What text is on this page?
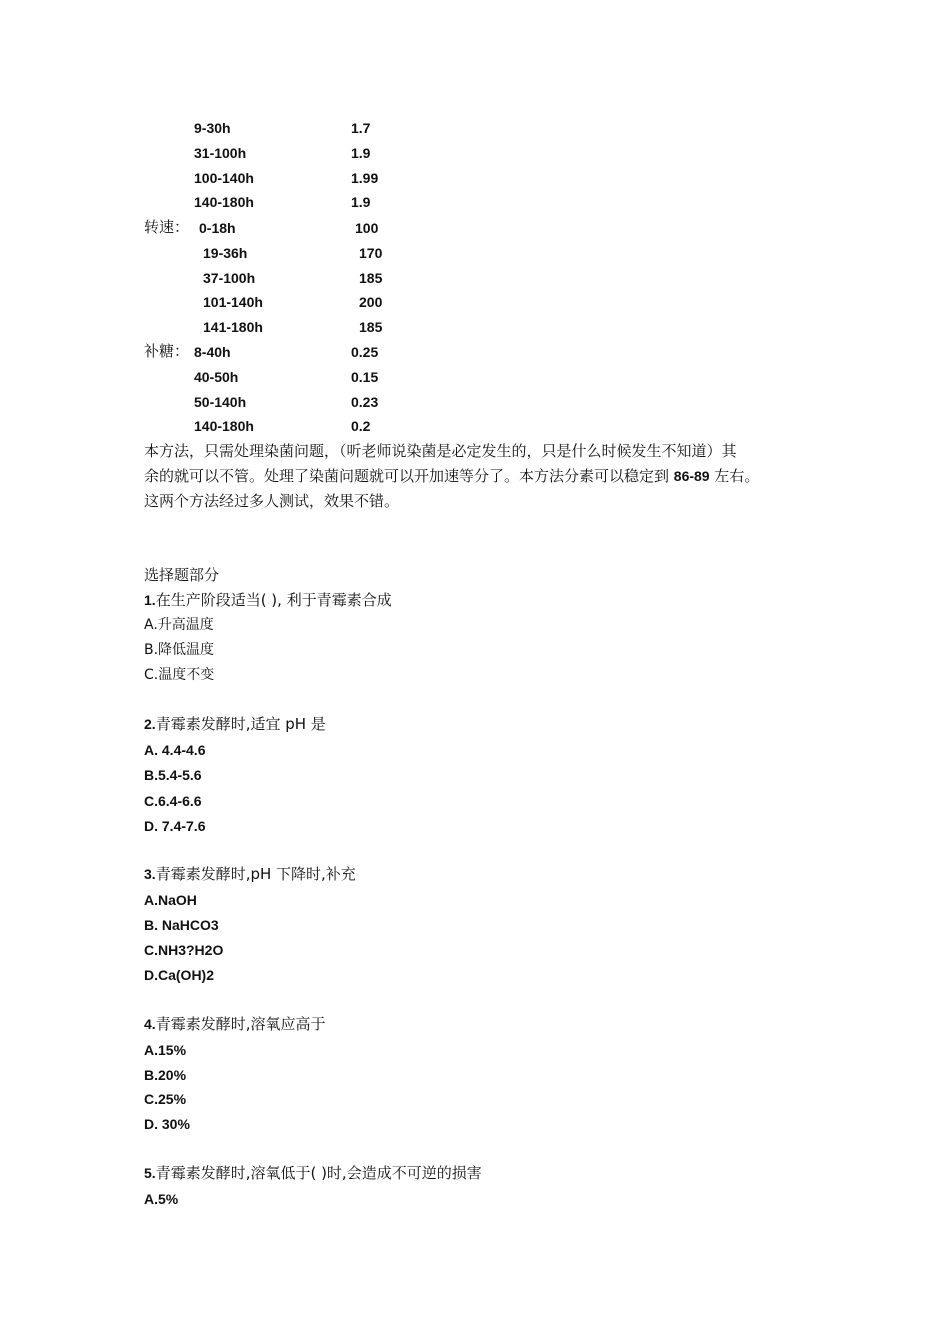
9-30h	1.7
31-100h	1.9
100-140h	1.99
140-180h	1.9
转速： 0-18h	100
19-36h	170
37-100h	185
101-140h	200
141-180h	185
补糖： 8-40h	0.25
40-50h	0.15
50-140h	0.23
140-180h	0.2
本方法，只需处理染菌问题，（听老师说染菌是必定发生的，只是什么时候发生不知道）其
余的就可以不管。处理了染菌问题就可以开加速等分了。本方法分素可以稳定到 86-89 左右。
这两个方法经过多人测试，效果不错。
选择题部分
1.在生产阶段适当( ), 利于青霉素合成
A.升高温度
B.降低温度
C.温度不变
2.青霉素发酵时,适宜 pH 是
A. 4.4-4.6
B.5.4-5.6
C.6.4-6.6
D. 7.4-7.6
3.青霉素发酵时,pH 下降时,补充
A.NaOH
B. NaHCO3
C.NH3?H2O
D.Ca(OH)2
4.青霉素发酵时,溶氧应高于
A.15%
B.20%
C.25%
D. 30%
5.青霉素发酵时,溶氧低于( )时,会造成不可逆的损害
A.5%
